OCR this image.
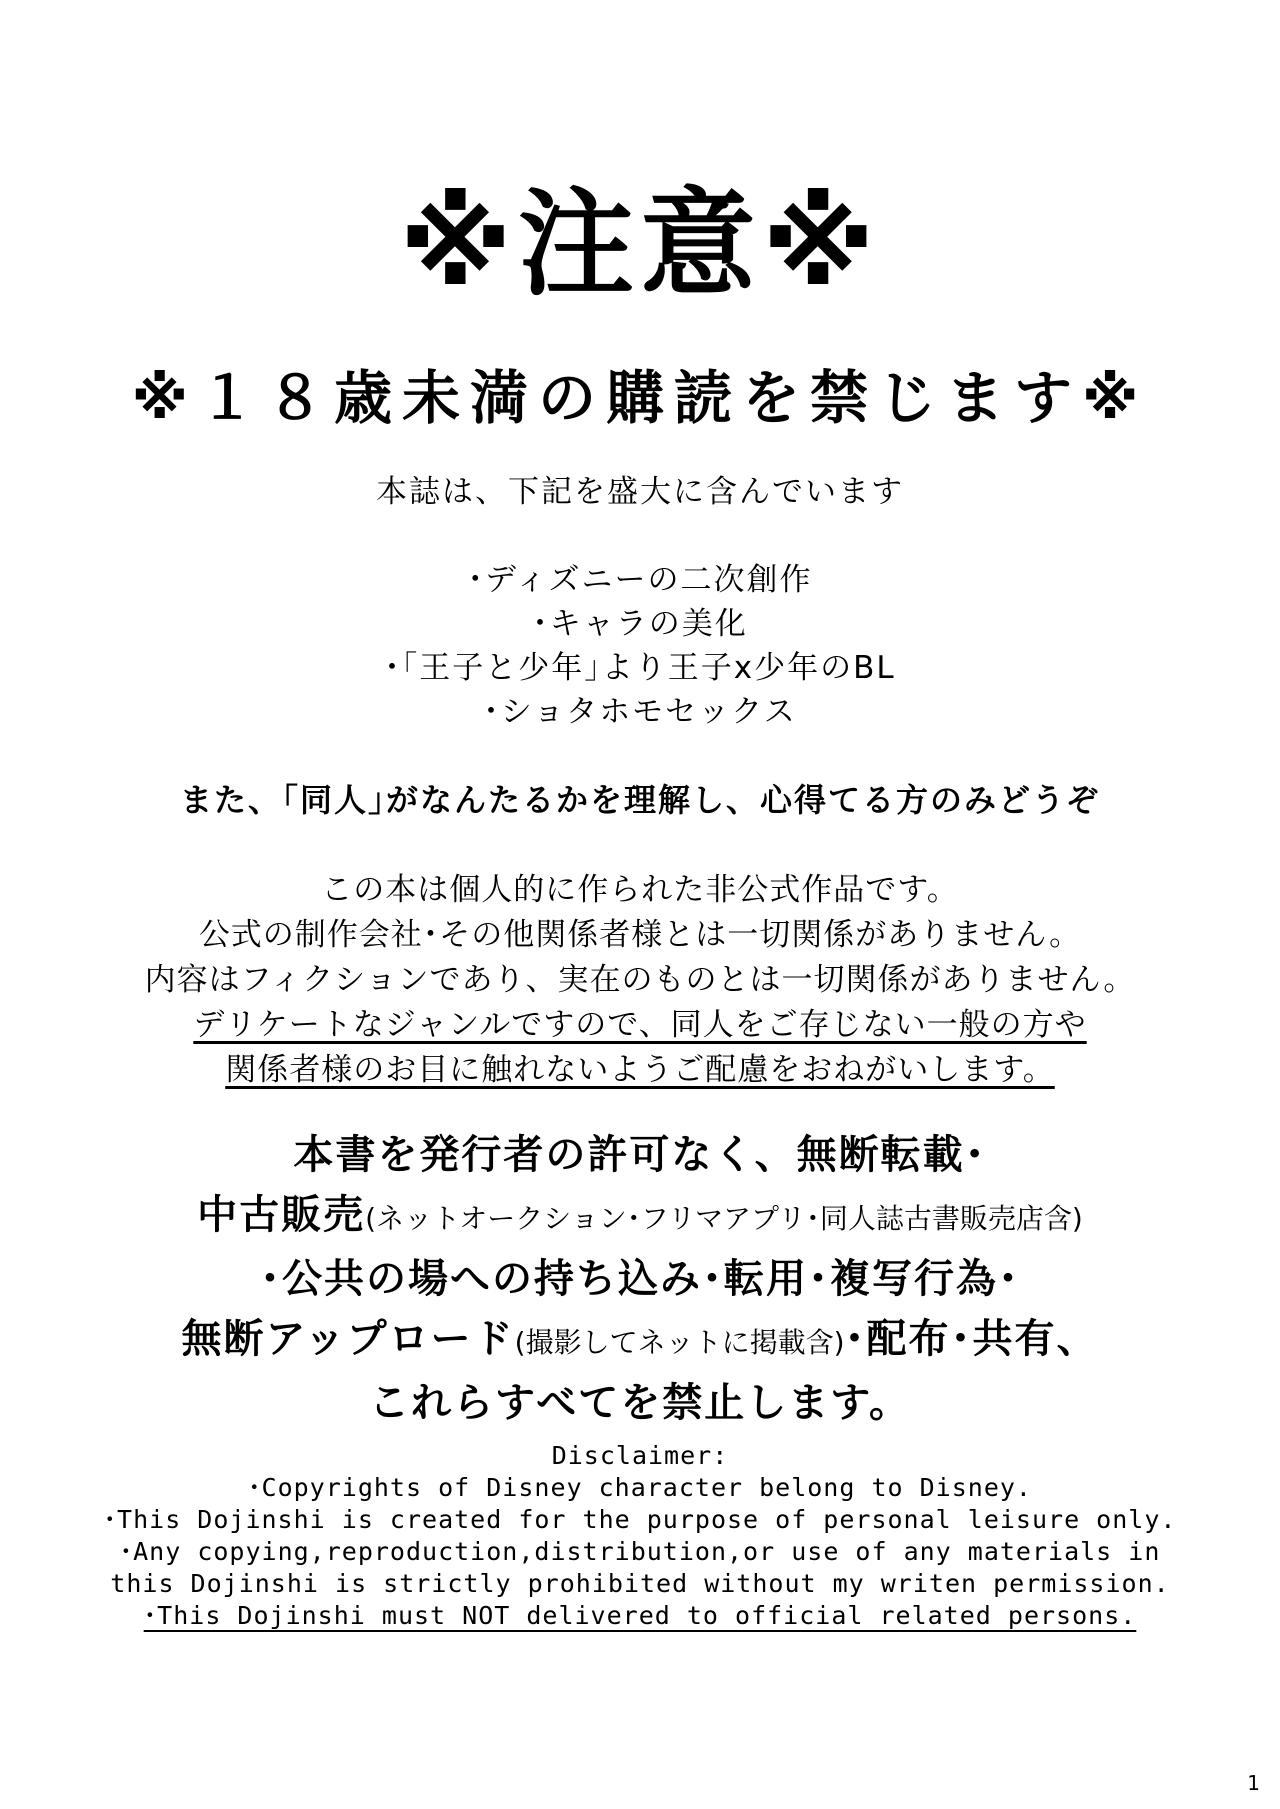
※注意※
※１８歳未満の購読を禁じます※
本誌は、下記を盛大に含んでいます
･ディズニーの二次創作
･キャラの美化
･｢王子と少年｣より王子x少年のBL
･ショタホモセックス
また、｢同人｣がなんたるかを理解し、心得てる方のみどうぞ
この本は個人的に作られた非公式作品です。
公式の制作会社･その他関係者様とは一切関係がありません。
内容はフィクションであり、実在のものとは一切関係がありません。
デリケートなジャンルですので、同人をご存じない一般の方や
関係者様のお目に触れないようご配慮をおねがいします。
本書を発行者の許可なく、無断転載･
中古販売(ネットオークション･フリマアプリ･同人誌古書販売店含)
･公共の場への持ち込み･転用･複写行為･
無断アップロード(撮影してネットに掲載含)･配布･共有、
これらすべてを禁止します。
Disclaimer:
･Copyrights of Disney character belong to Disney.
･This Dojinshi is created for the purpose of personal leisure only.
･Any copying,reproduction,distribution,or use of any materials in
this Dojinshi is strictly prohibited without my writen permission.
･This Dojinshi must NOT delivered to official related persons.
1
